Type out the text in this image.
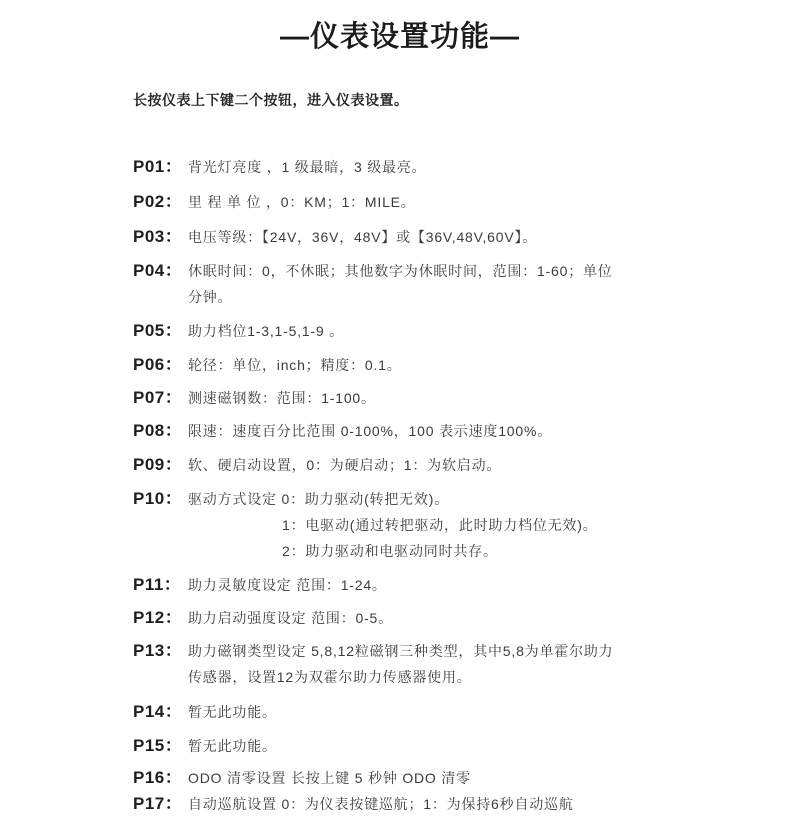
—仪表设置功能—
长按仪表上下键二个按钮，进入仪表设置。
P01： 背光灯亮度 ，1 级最暗，3 级最亮。
P02： 里 程 单 位 ，0：KM；1：MILE。
P03： 电压等级：【24V，36V，48V】或【36V,48V,60V】。
P04： 休眠时间：0，不休眠；其他数字为休眠时间，范围：1-60；单位
分钟。
P05： 助力档位1-3,1-5,1-9 。
P06： 轮径：单位，inch；精度：0.1。
P07： 测速磁钢数：范围：1-100。
P08： 限速：速度百分比范围 0-100%，100 表示速度100%。
P09： 软、硬启动设置，0：为硬启动；1：为软启动。
P10： 驱动方式设定 0：助力驱动(转把无效)。
1：电驱动(通过转把驱动，此时助力档位无效)。
2：助力驱动和电驱动同时共存。
P11： 助力灵敏度设定 范围：1-24。
P12： 助力启动强度设定 范围：0-5。
P13： 助力磁钢类型设定 5,8,12粒磁钢三种类型，其中5,8为单霍尔助力
传感器，设置12为双霍尔助力传感器使用。
P14： 暂无此功能。
P15： 暂无此功能。
P16： ODO 清零设置 长按上键 5 秒钟 ODO 清零
P17： 自动巡航设置 0：为仪表按键巡航；1：为保持6秒自动巡航
